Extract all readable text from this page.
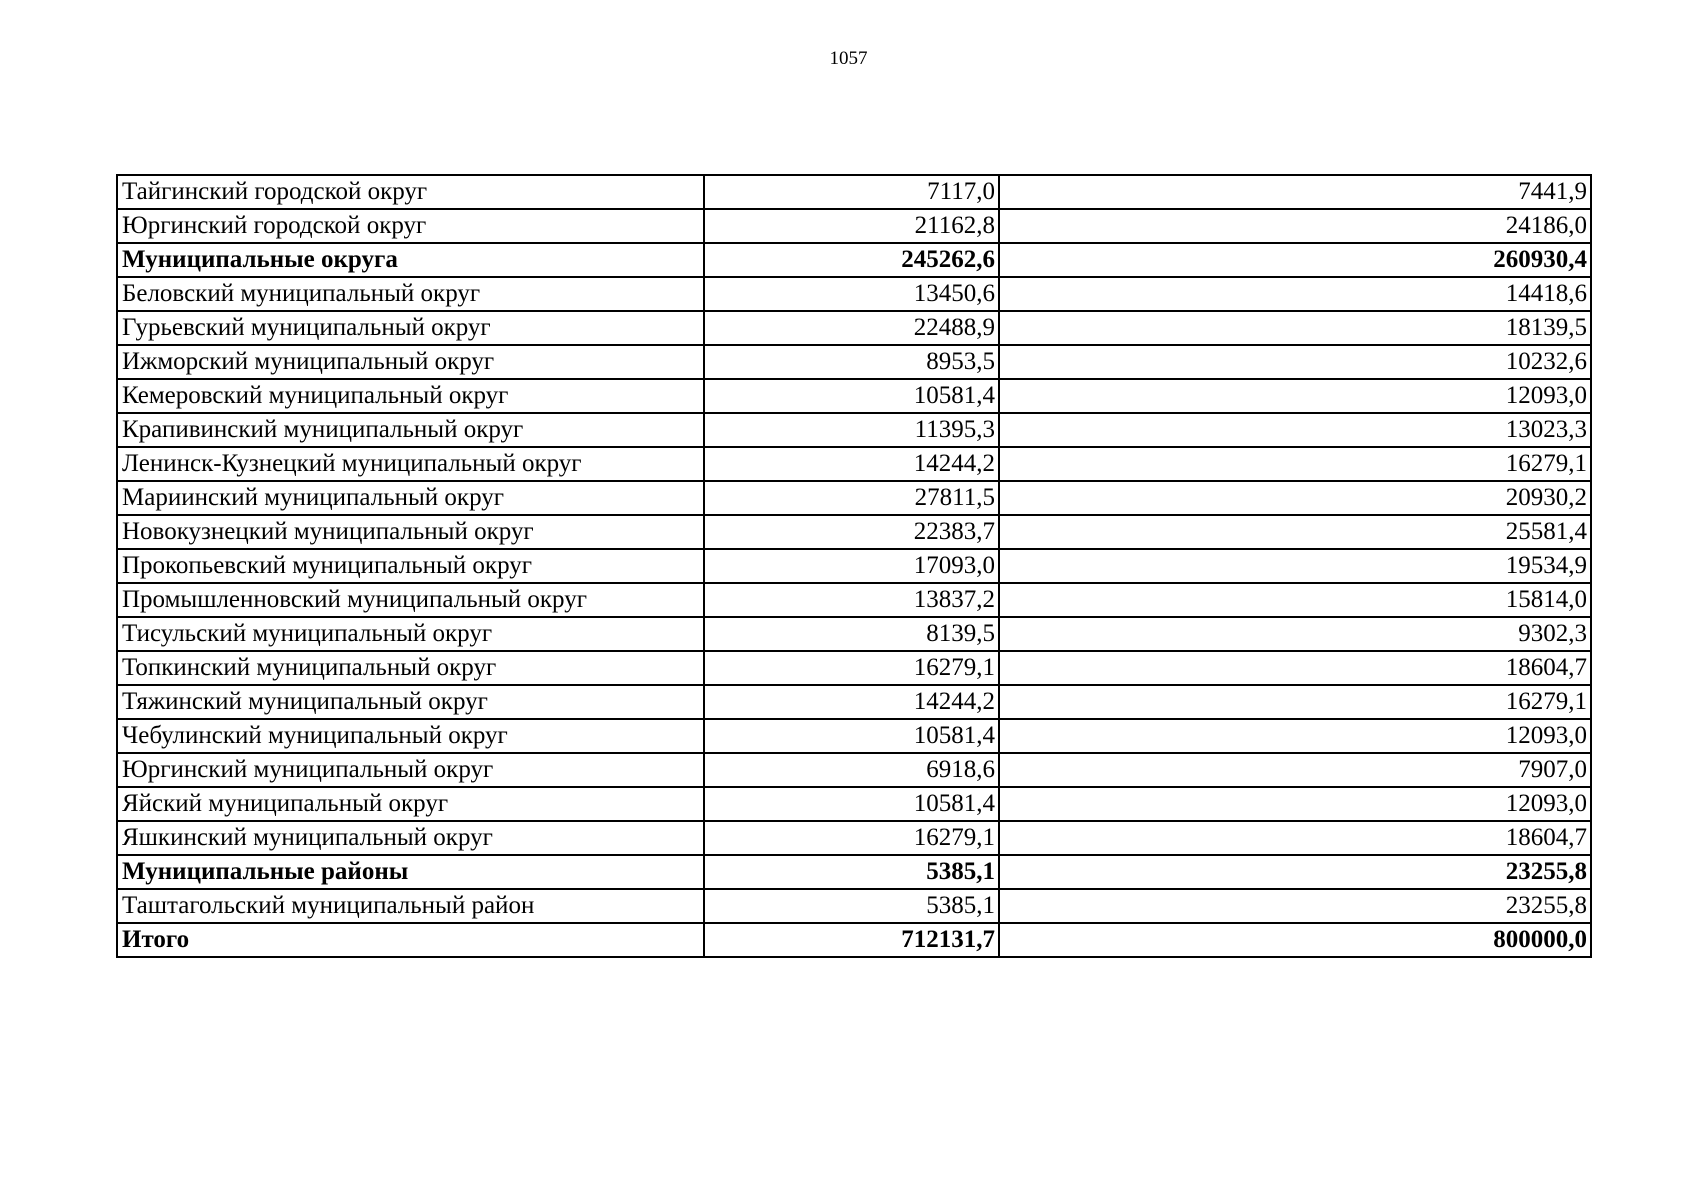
1057
Тайгинский городской округ	7117,0	7441,9
Юргинский городской округ	21162,8	24186,0
Муниципальные округа	245262,6	260930,4
Беловский муниципальный округ	13450,6	14418,6
Гурьевский муниципальный округ	22488,9	18139,5
Ижморский муниципальный округ	8953,5	10232,6
Кемеровский муниципальный округ	10581,4	12093,0
Крапивинский муниципальный округ	11395,3	13023,3
Ленинск-Кузнецкий муниципальный округ	14244,2	16279,1
Мариинский муниципальный округ	27811,5	20930,2
Новокузнецкий муниципальный округ	22383,7	25581,4
Прокопьевский муниципальный округ	17093,0	19534,9
Промышленновский муниципальный округ	13837,2	15814,0
Тисульский муниципальный округ	8139,5	9302,3
Топкинский муниципальный округ	16279,1	18604,7
Тяжинский муниципальный округ	14244,2	16279,1
Чебулинский муниципальный округ	10581,4	12093,0
Юргинский муниципальный округ	6918,6	7907,0
Яйский муниципальный округ	10581,4	12093,0
Яшкинский муниципальный округ	16279,1	18604,7
Муниципальные районы	5385,1	23255,8
Таштагольский муниципальный район	5385,1	23255,8
Итого	712131,7	800000,0
